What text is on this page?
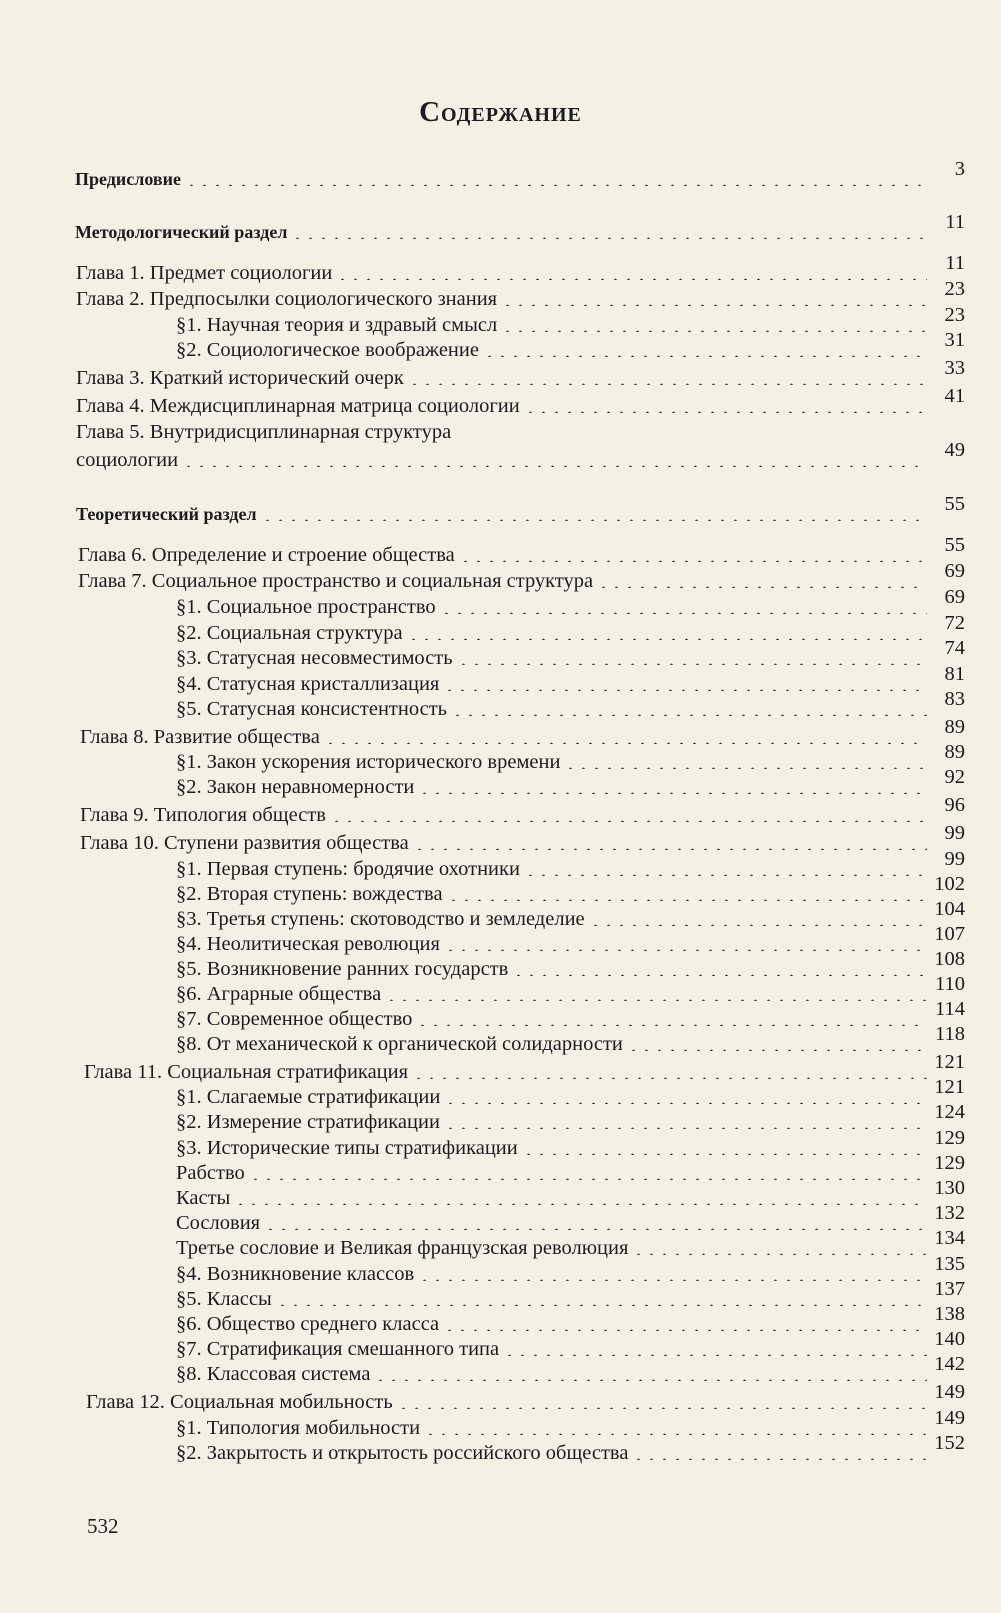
Содержание
Предисловие	3
Методологический раздел	11
Глава 1. Предмет социологии	11
Глава 2. Предпосылки социологического знания	23
§1. Научная теория и здравый смысл	23
§2. Социологическое воображение	31
Глава 3. Краткий исторический очерк	33
Глава 4. Междисциплинарная матрица социологии	41
Глава 5. Внутридисциплинарная структура
социологии	49
Теоретический раздел	55
Глава 6. Определение и строение общества	55
Глава 7. Социальное пространство и социальная структура	69
§1. Социальное пространство	69
§2. Социальная структура	72
§3. Статусная несовместимость	74
§4. Статусная кристаллизация	81
§5. Статусная консистентность	83
Глава 8. Развитие общества	89
§1. Закон ускорения исторического времени	89
§2. Закон неравномерности	92
Глава 9. Типология обществ	96
Глава 10. Ступени развития общества	99
§1. Первая ступень: бродячие охотники	99
§2. Вторая ступень: вождества	102
§3. Третья ступень: скотоводство и земледелие	104
§4. Неолитическая революция	107
§5. Возникновение ранних государств	108
§6. Аграрные общества	110
§7. Современное общество	114
§8. От механической к органической солидарности	118
Глава 11. Социальная стратификация	121
§1. Слагаемые стратификации	121
§2. Измерение стратификации	124
§3. Исторические типы стратификации	129
Рабство	129
Касты	130
Сословия	132
Третье сословие и Великая французская революция	134
§4. Возникновение классов	135
§5. Классы	137
§6. Общество среднего класса	138
§7. Стратификация смешанного типа	140
§8. Классовая система	142
Глава 12. Социальная мобильность	149
§1. Типология мобильности	149
§2. Закрытость и открытость российского общества	152
532
